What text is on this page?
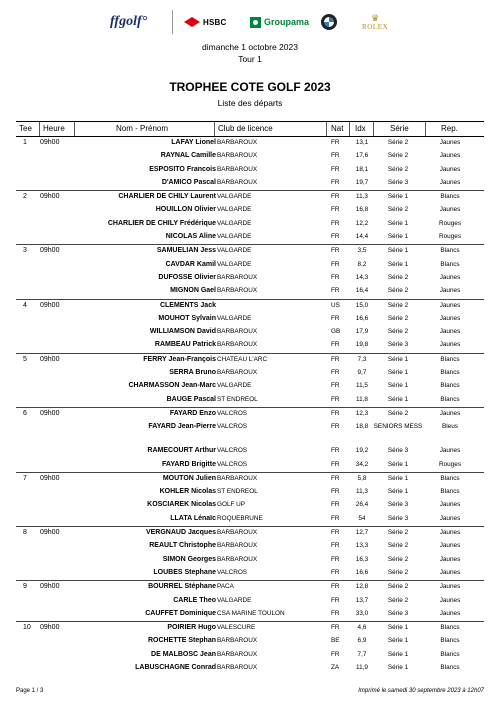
ffgolf°	HSBC	Groupama	♛
ROLEX
dimanche 1 octobre 2023
Tour 1
TROPHEE COTE GOLF 2023
Liste des départs
Tee Heure	Nom - Prénom	Club de licence	Nat Idx	Série	Rep.
1 09h00	LAFAY Lionel BARBAROUX	FR	13,1	Série 2	Jaunes
RAYNAL Camille BARBAROUX	FR	17,6	Série 2	Jaunes
ESPOSITO Francois BARBAROUX	FR	18,1	Série 2	Jaunes
D'AMICO Pascal BARBAROUX	FR	19,7	Série 3	Jaunes
2 09h00	CHARLIER DE CHILY Laurent VALGARDE	FR	11,3	Série 1	Blancs
HOUILLON Olivier VALGARDE	FR	16,8	Série 2	Jaunes
CHARLIER DE CHILY Frédérique VALGARDE	FR	12,2	Série 1	Rouges
NICOLAS Aline VALGARDE	FR	14,4	Série 1	Rouges
3 09h00	SAMUELIAN Jess VALGARDE	FR	3,5	Série 1	Blancs
CAVDAR Kamil VALGARDE	FR	8,2	Série 1	Blancs
DUFOSSE Olivier BARBAROUX	FR	14,3	Série 2	Jaunes
MIGNON Gael BARBAROUX	FR	16,4	Série 2	Jaunes
4 09h00	CLEMENTS Jack	US	15,0	Série 2	Jaunes
MOUHOT Sylvain VALGARDE	FR	16,6	Série 2	Jaunes
WILLIAMSON David BARBAROUX	GB	17,9	Série 2	Jaunes
RAMBEAU Patrick BARBAROUX	FR	19,8	Série 3	Jaunes
5 09h00	FERRY Jean-François CHATEAU L'ARC	FR	7,3	Série 1	Blancs
SERRA Bruno BARBAROUX	FR	9,7	Série 1	Blancs
CHARMASSON Jean-Marc VALGARDE	FR	11,5	Série 1	Blancs
BAUGE Pascal ST ENDREOL	FR	11,8	Série 1	Blancs
6 09h00	FAYARD Enzo VALCROS	FR	12,3	Série 2	Jaunes
FAYARD Jean-Pierre VALCROS	FR	18,8 SENIORS MESS	Bleus
RAMECOURT Arthur VALCROS	FR	19,2	Série 3	Jaunes
FAYARD Brigitte VALCROS	FR	34,2	Série 1	Rouges
7 09h00	MOUTON Julien BARBAROUX	FR	5,8	Série 1	Blancs
KOHLER Nicolas ST ENDREOL	FR	11,3	Série 1	Blancs
KOSCIAREK Nicolas GOLF UP	FR	26,4	Série 3	Jaunes
LLATA Lénaïc ROQUEBRUNE	FR	54	Série 3	Jaunes
8 09h00	VERGNAUD Jacques BARBAROUX	FR	12,7	Série 2	Jaunes
REAULT Christophe BARBAROUX	FR	13,3	Série 2	Jaunes
SIMON Georges BARBAROUX	FR	16,3	Série 2	Jaunes
LOUBES Stephane VALCROS	FR	16,6	Série 2	Jaunes
9 09h00	BOURREL Stéphane PACA	FR	12,8	Série 2	Jaunes
CARLE Theo VALGARDE	FR	13,7	Série 2	Jaunes
CAUFFET Dominique CSA MARINE TOULON	FR	33,0	Série 3	Jaunes
10 09h00	POIRIER Hugo VALESCURE	FR	4,6	Série 1	Blancs
ROCHETTE Stephan BARBAROUX	BE	6,9	Série 1	Blancs
DE MALBOSC Jean BARBAROUX	FR	7,7	Série 1	Blancs
LABUSCHAGNE Conrad BARBAROUX	ZA	11,9	Série 1	Blancs
Page 1 / 3	Imprimé le samedi 30 septembre 2023 à 12h07
